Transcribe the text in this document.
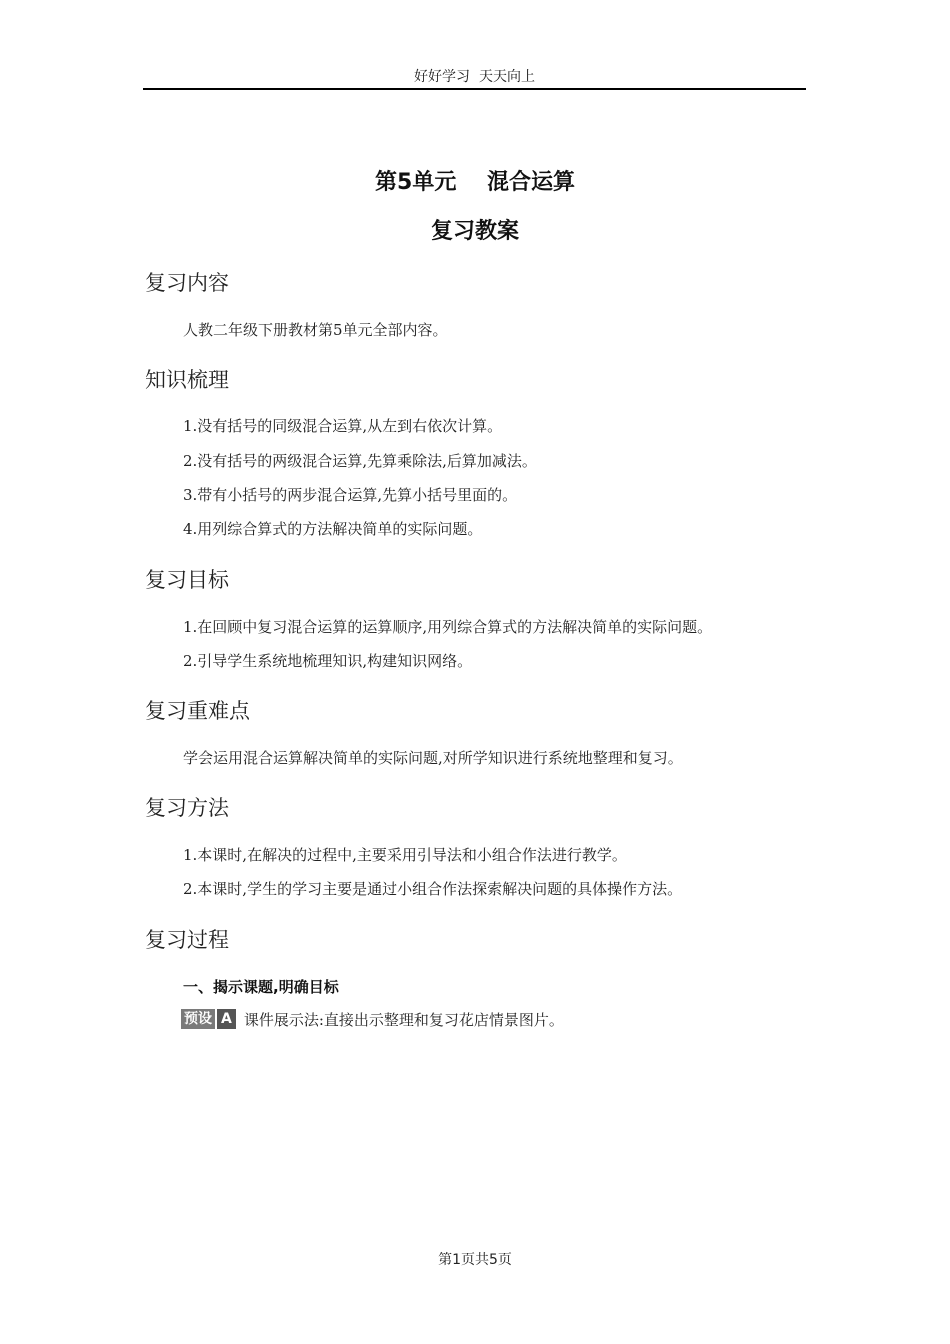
好好学习  天天向上
第5单元    混合运算
复习教案
复习内容
人教二年级下册教材第5单元全部内容。
知识梳理
1.没有括号的同级混合运算,从左到右依次计算。
2.没有括号的两级混合运算,先算乘除法,后算加减法。
3.带有小括号的两步混合运算,先算小括号里面的。
4.用列综合算式的方法解决简单的实际问题。
复习目标
1.在回顾中复习混合运算的运算顺序,用列综合算式的方法解决简单的实际问题。
2.引导学生系统地梳理知识,构建知识网络。
复习重难点
学会运用混合运算解决简单的实际问题,对所学知识进行系统地整理和复习。
复习方法
1.本课时,在解决的过程中,主要采用引导法和小组合作法进行教学。
2.本课时,学生的学习主要是通过小组合作法探索解决问题的具体操作方法。
复习过程
一、揭示课题,明确目标
预设 A 课件展示法:直接出示整理和复习花店情景图片。
第1页共5页
